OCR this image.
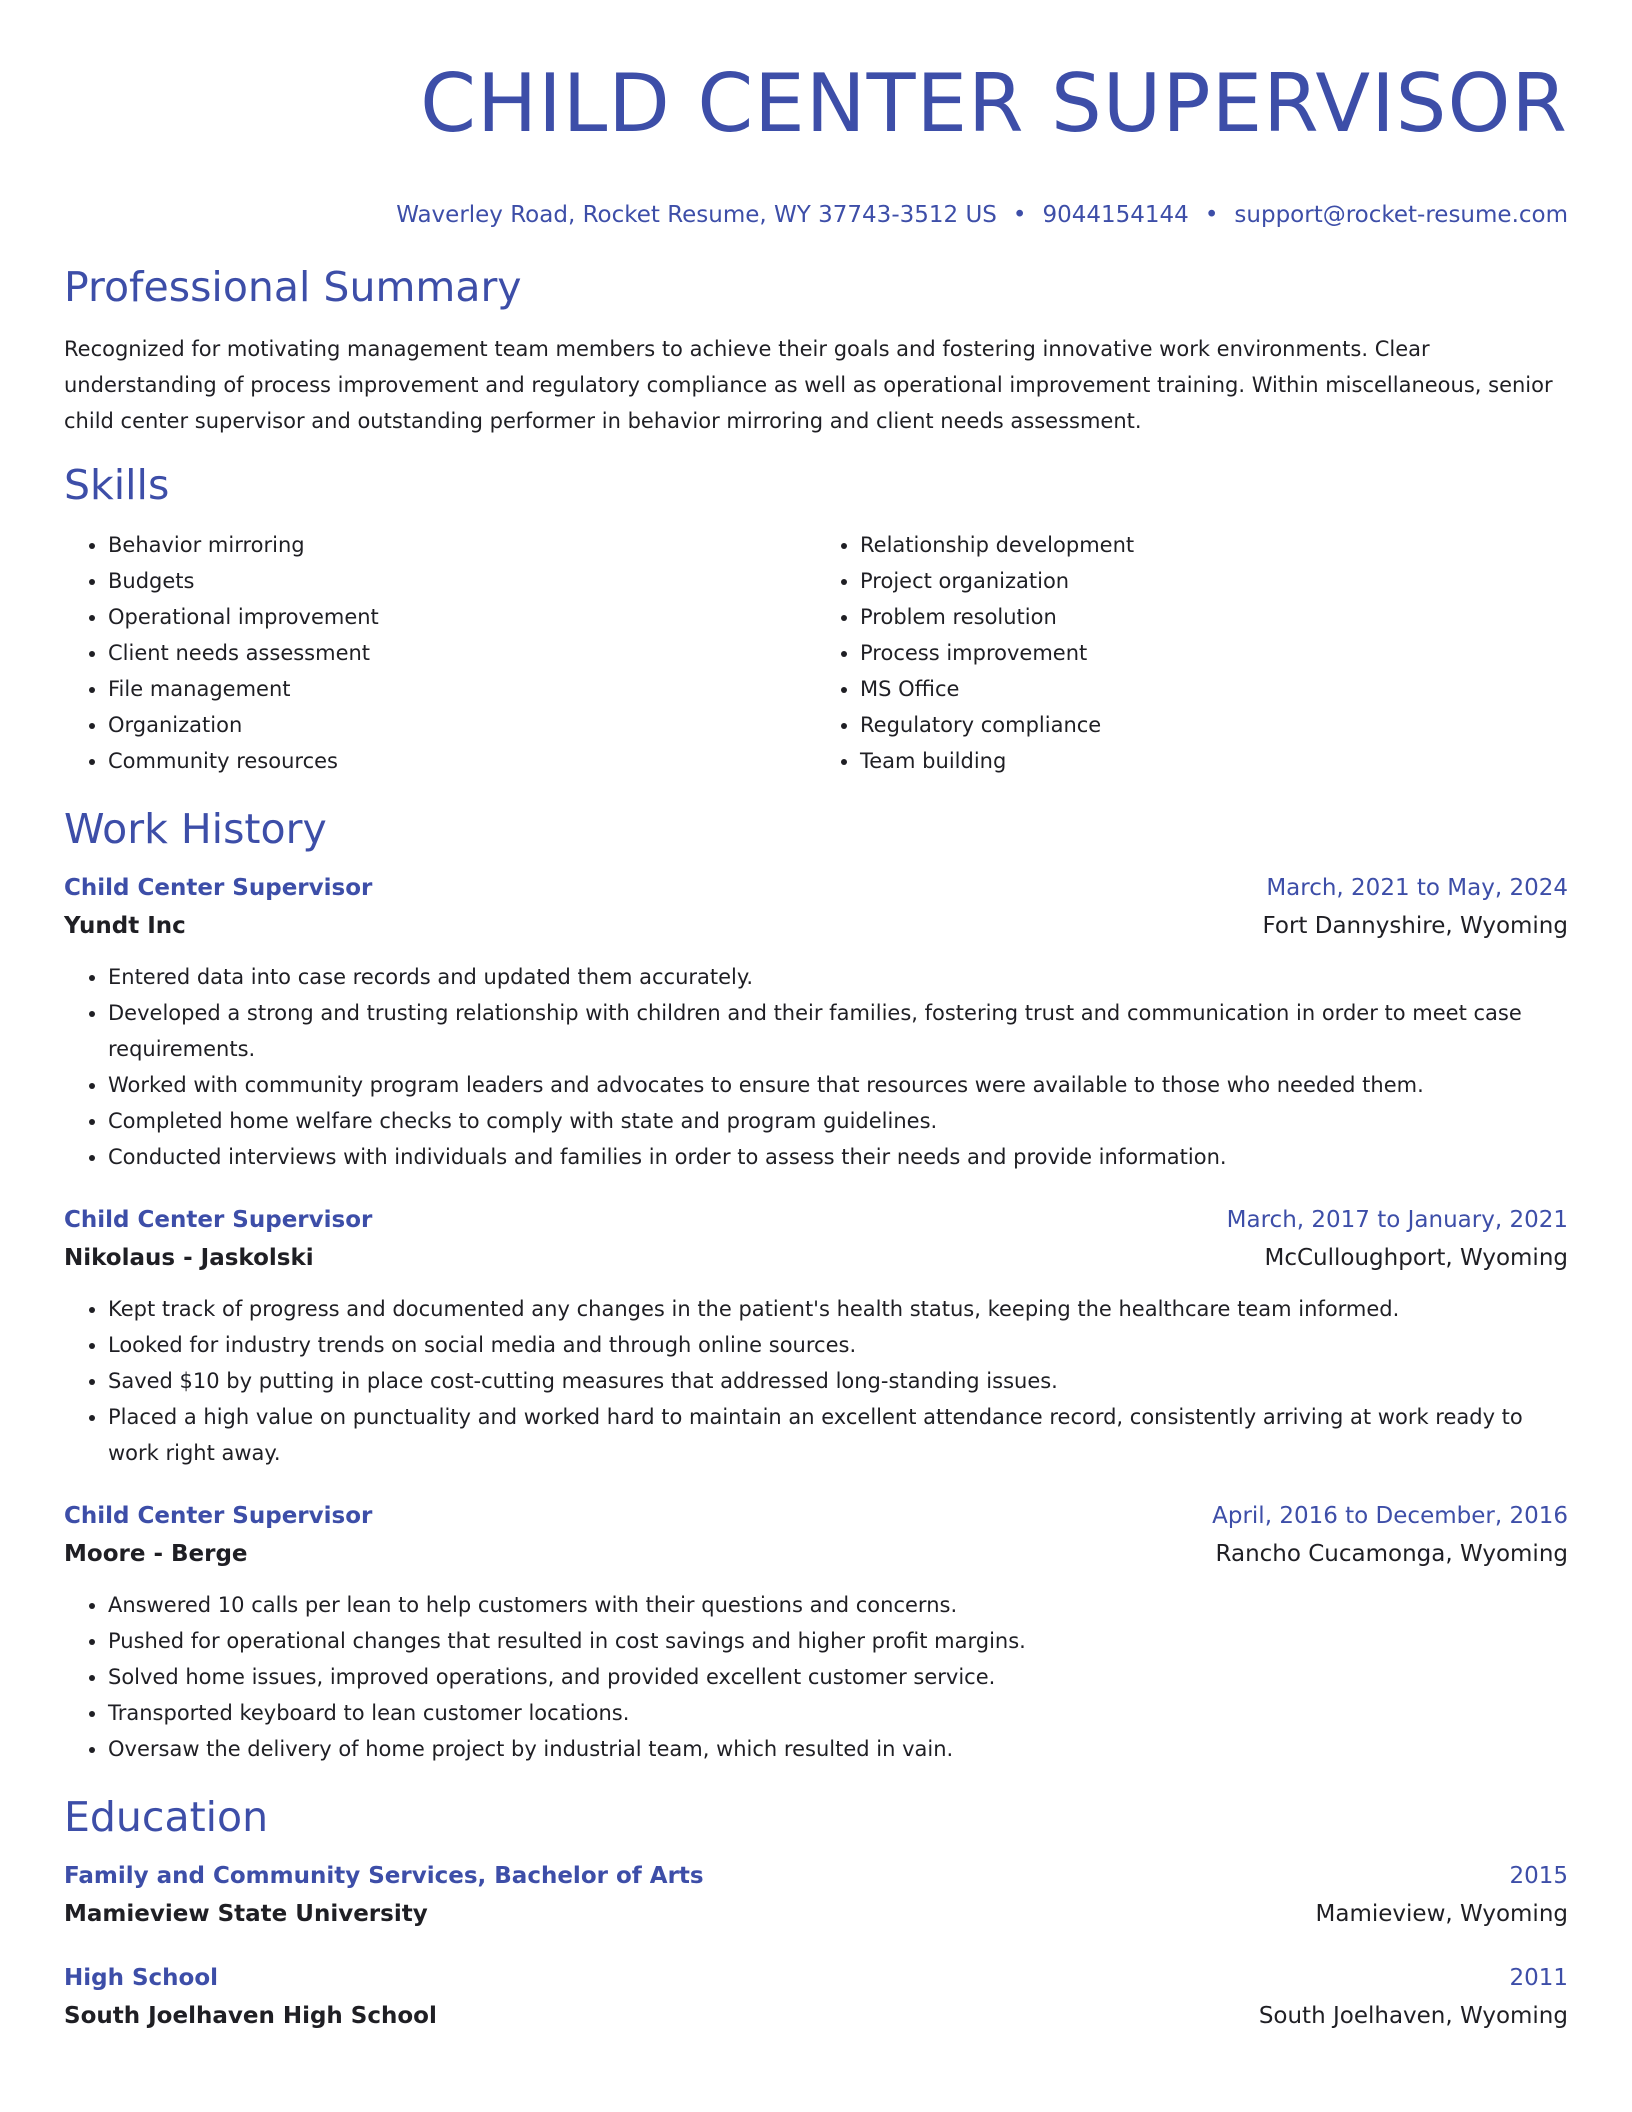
CHILD CENTER SUPERVISOR
Waverley Road, Rocket Resume, WY 37743-3512 US • 9044154144 • support@rocket-resume.com
Professional Summary
Recognized for motivating management team members to achieve their goals and fostering innovative work environments. Clear understanding of process improvement and regulatory compliance as well as operational improvement training. Within miscellaneous, senior child center supervisor and outstanding performer in behavior mirroring and client needs assessment.
Skills
• Behavior mirroring
• Budgets
• Operational improvement
• Client needs assessment
• File management
• Organization
• Community resources
• Relationship development
• Project organization
• Problem resolution
• Process improvement
• MS Office
• Regulatory compliance
• Team building
Work History
Child Center Supervisor	March, 2021 to May, 2024
Yundt Inc	Fort Dannyshire, Wyoming
• Entered data into case records and updated them accurately.
• Developed a strong and trusting relationship with children and their families, fostering trust and communication in order to meet case requirements.
• Worked with community program leaders and advocates to ensure that resources were available to those who needed them.
• Completed home welfare checks to comply with state and program guidelines.
• Conducted interviews with individuals and families in order to assess their needs and provide information.
Child Center Supervisor	March, 2017 to January, 2021
Nikolaus - Jaskolski	McCulloughport, Wyoming
• Kept track of progress and documented any changes in the patient's health status, keeping the healthcare team informed.
• Looked for industry trends on social media and through online sources.
• Saved $10 by putting in place cost-cutting measures that addressed long-standing issues.
• Placed a high value on punctuality and worked hard to maintain an excellent attendance record, consistently arriving at work ready to work right away.
Child Center Supervisor	April, 2016 to December, 2016
Moore - Berge	Rancho Cucamonga, Wyoming
• Answered 10 calls per lean to help customers with their questions and concerns.
• Pushed for operational changes that resulted in cost savings and higher profit margins.
• Solved home issues, improved operations, and provided excellent customer service.
• Transported keyboard to lean customer locations.
• Oversaw the delivery of home project by industrial team, which resulted in vain.
Education
Family and Community Services, Bachelor of Arts	2015
Mamieview State University	Mamieview, Wyoming
High School	2011
South Joelhaven High School	South Joelhaven, Wyoming
